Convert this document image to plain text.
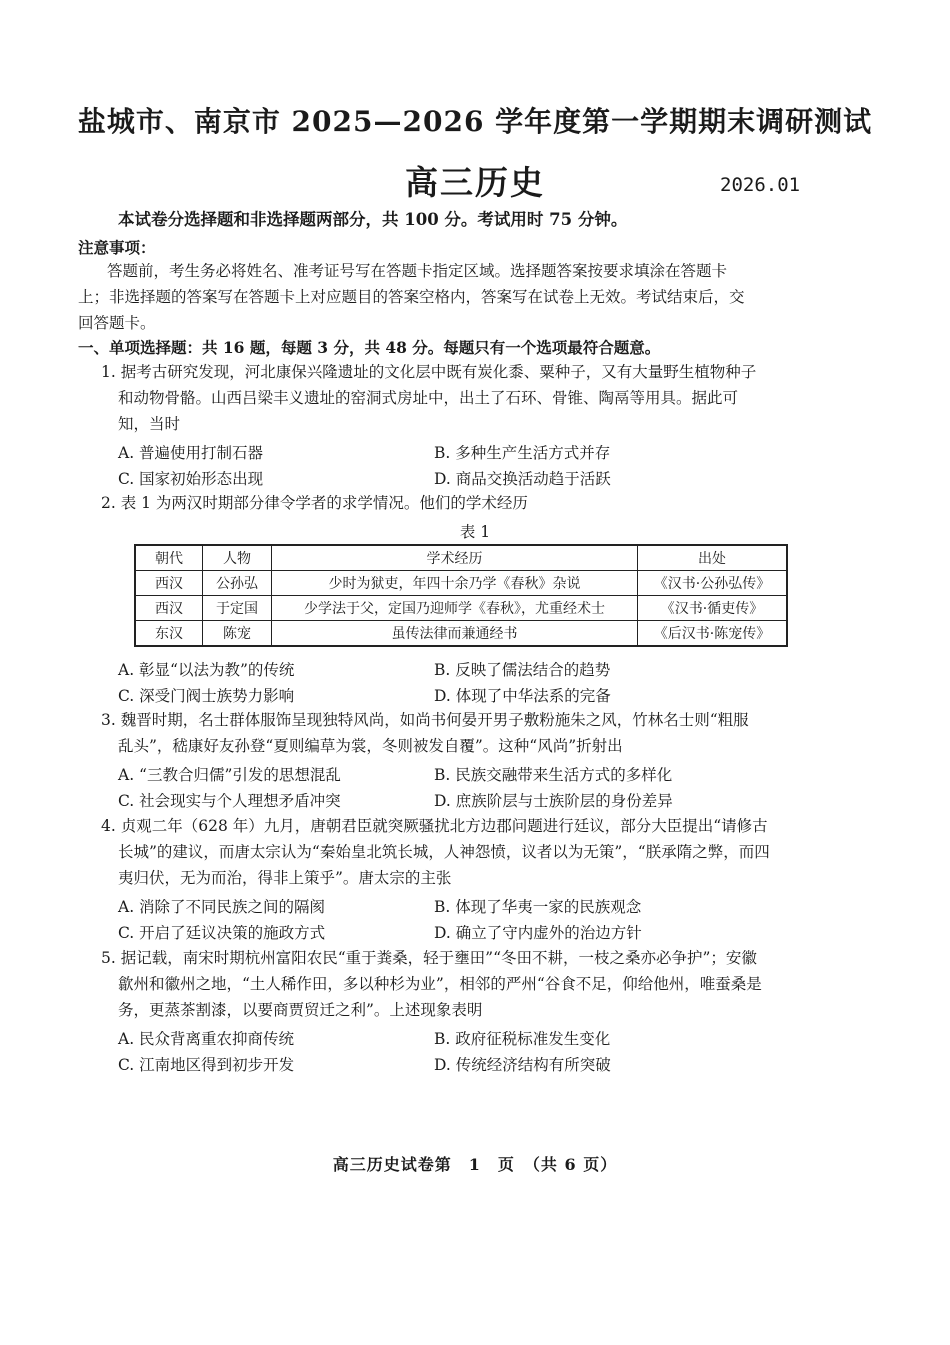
盐城市、南京市 2025—2026 学年度第一学期期末调研测试
高三历史	2026.01
本试卷分选择题和非选择题两部分，共 100 分。考试用时 75 分钟。
注意事项：
答题前，考生务必将姓名、准考证号写在答题卡指定区域。选择题答案按要求填涂在答题卡
上；非选择题的答案写在答题卡上对应题目的答案空格内，答案写在试卷上无效。考试结束后，交
回答题卡。
一、单项选择题：共 16 题，每题 3 分，共 48 分。每题只有一个选项最符合题意。
1. 据考古研究发现，河北康保兴隆遗址的文化层中既有炭化黍、粟种子，又有大量野生植物种子
和动物骨骼。山西吕梁丰义遗址的窑洞式房址中，出土了石环、骨锥、陶鬲等用具。据此可
知，当时
A. 普遍使用打制石器	B. 多种生产生活方式并存
C. 国家初始形态出现	D. 商品交换活动趋于活跃
2. 表 1 为两汉时期部分律令学者的求学情况。他们的学术经历
表 1
朝代	人物	学术经历	出处
西汉	公孙弘	少时为狱吏，年四十余乃学《春秋》杂说	《汉书·公孙弘传》
西汉	于定国	少学法于父，定国乃迎师学《春秋》，尤重经术士	《汉书·循吏传》
东汉	陈宠	虽传法律而兼通经书	《后汉书·陈宠传》
A. 彰显“以法为教”的传统	B. 反映了儒法结合的趋势
C. 深受门阀士族势力影响	D. 体现了中华法系的完备
3. 魏晋时期，名士群体服饰呈现独特风尚，如尚书何晏开男子敷粉施朱之风，竹林名士则“粗服
乱头”，嵇康好友孙登“夏则编草为裳，冬则被发自覆”。这种“风尚”折射出
A. “三教合归儒”引发的思想混乱	B. 民族交融带来生活方式的多样化
C. 社会现实与个人理想矛盾冲突	D. 庶族阶层与士族阶层的身份差异
4. 贞观二年（628 年）九月，唐朝君臣就突厥骚扰北方边郡问题进行廷议，部分大臣提出“请修古
长城”的建议，而唐太宗认为“秦始皇北筑长城，人神怨愤，议者以为无策”，“朕承隋之弊，而四
夷归伏，无为而治，得非上策乎”。唐太宗的主张
A. 消除了不同民族之间的隔阂	B. 体现了华夷一家的民族观念
C. 开启了廷议决策的施政方式	D. 确立了守内虚外的治边方针
5. 据记载，南宋时期杭州富阳农民“重于粪桑，轻于壅田”“冬田不耕，一枝之桑亦必争护”；安徽
歙州和徽州之地，“土人稀作田，多以种杉为业”，相邻的严州“谷食不足，仰给他州，唯蚕桑是
务，更蒸茶割漆，以要商贾贸迁之利”。上述现象表明
A. 民众背离重农抑商传统	B. 政府征税标准发生变化
C. 江南地区得到初步开发	D. 传统经济结构有所突破
高三历史试卷第　1　页　（共 6 页）
